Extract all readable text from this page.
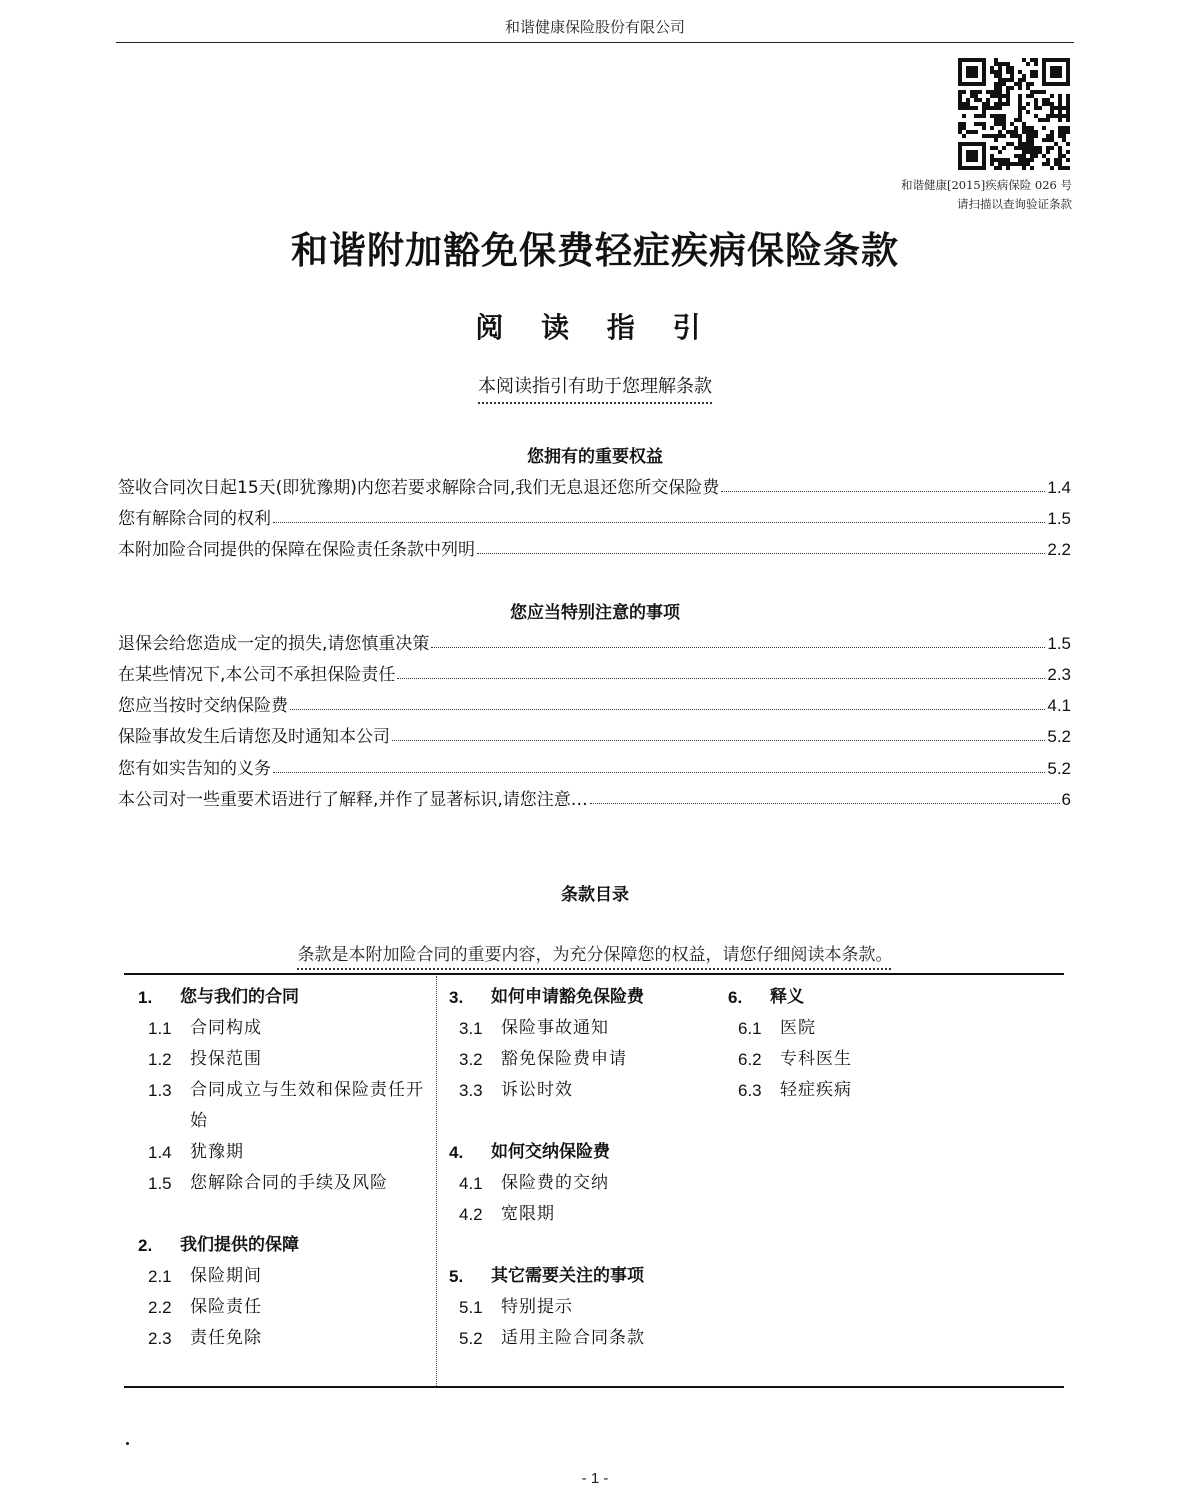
和谐健康保险股份有限公司
和谐健康[2015]疾病保险 026 号
请扫描以查询验证条款
和谐附加豁免保费轻症疾病保险条款
阅 读 指 引
本阅读指引有助于您理解条款
您拥有的重要权益
签收合同次日起15天(即犹豫期)内您若要求解除合同,我们无息退还您所交保险费	1.4
您有解除合同的权利	1.5
本附加险合同提供的保障在保险责任条款中列明	2.2
您应当特别注意的事项
退保会给您造成一定的损失,请您慎重决策	1.5
在某些情况下,本公司不承担保险责任	2.3
您应当按时交纳保险费	4.1
保险事故发生后请您及时通知本公司	5.2
您有如实告知的义务	5.2
本公司对一些重要术语进行了解释,并作了显著标识,请您注意…	6
条款目录
条款是本附加险合同的重要内容，为充分保障您的权益，请您仔细阅读本条款。
1.	您与我们的合同
1.1	合同构成
1.2	投保范围
1.3	合同成立与生效和保险责任开始
1.4	犹豫期
1.5	您解除合同的手续及风险
2.	我们提供的保障
2.1	保险期间
2.2	保险责任
2.3	责任免除
3.	如何申请豁免保险费
3.1	保险事故通知
3.2	豁免保险费申请
3.3	诉讼时效
4.	如何交纳保险费
4.1	保险费的交纳
4.2	宽限期
5.	其它需要关注的事项
5.1	特别提示
5.2	适用主险合同条款
6.	释义
6.1	医院
6.2	专科医生
6.3	轻症疾病
- 1 -
